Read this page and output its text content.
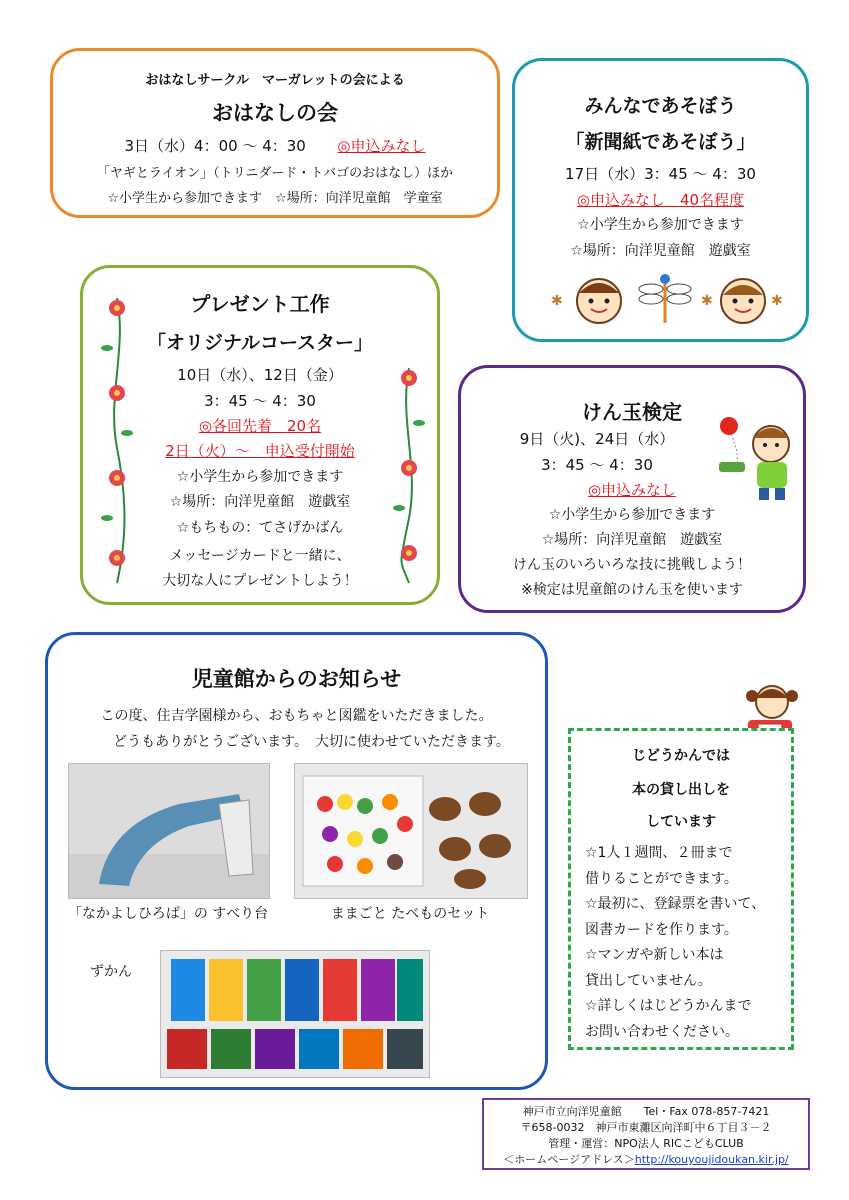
おはなしサークル　マーガレットの会による
おはなしの会
3日（水）4：00 ～ 4：30 ◎申込みなし
「ヤギとライオン」（トリニダード・トバゴのおはなし）ほか
☆小学生から参加できます　☆場所：向洋児童館　学童室
みんなであそぼう
「新聞紙であそぼう」
17日（水）3：45 ～ 4：30
◎申込みなし　40名程度
☆小学生から参加できます
☆場所：向洋児童館　遊戯室
✱	✱	✱
プレゼント工作
「オリジナルコースター」
10日（水）、12日（金）
3：45 ～ 4：30
◎各回先着　20名
2日（火）～　申込受付開始
☆小学生から参加できます
☆場所：向洋児童館　遊戯室
☆もちもの：てさげかばん
メッセージカードと一緒に、
大切な人にプレゼントしよう！
けん玉検定
9日（火)、24日（水）
3：45 ～ 4：30
◎申込みなし
☆小学生から参加できます
☆場所：向洋児童館　遊戯室
けん玉のいろいろな技に挑戦しよう！
※検定は児童館のけん玉を使います
児童館からのお知らせ
この度、住吉学園様から、おもちゃと図鑑をいただきました。
どうもありがとうございます。　大切に使わせていただきます。
「なかよしひろば」の すべり台	ままごと たべものセット
ずかん
じどうかんでは
本の貸し出しを
しています
☆1人１週間、２冊まで
借りることができます。
☆最初に、登録票を書いて、
図書カードを作ります。
☆マンガや新しい本は
貸出していません。
☆詳しくはじどうかんまで
お問い合わせください。
神戸市立向洋児童館　　Tel・Fax 078-857-7421
〒658-0032　神戸市東灘区向洋町中６丁目３－２
管理・運営：NPO法人 RICこどもCLUB
＜ホームページアドレス＞http://kouyoujidoukan.kir.jp/
